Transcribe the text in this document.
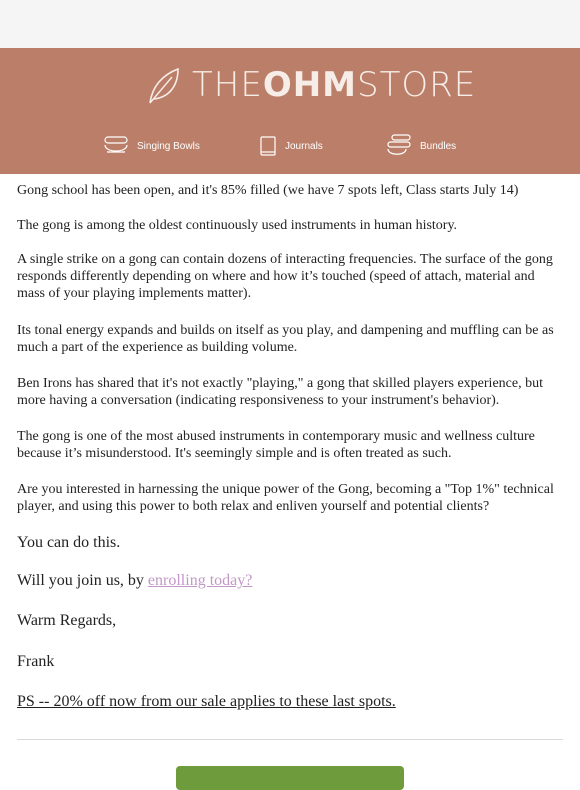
THEOHMSTORE
Singing Bowls	Journals	Bundles

Gong school has been open, and it's 85% filled (we have 7 spots left, Class starts July 14)

The gong is among the oldest continuously used instruments in human history.

A single strike on a gong can contain dozens of interacting frequencies. The surface of the gong responds differently depending on where and how it’s touched (speed of attach, material and mass of your playing implements matter).

Its tonal energy expands and builds on itself as you play, and dampening and muffling can be as much a part of the experience as building volume.

Ben Irons has shared that it's not exactly "playing," a gong that skilled players experience, but more having a conversation (indicating responsiveness to your instrument's behavior).

The gong is one of the most abused instruments in contemporary music and wellness culture because it’s misunderstood. It's seemingly simple and is often treated as such.

Are you interested in harnessing the unique power of the Gong, becoming a "Top 1%" technical player, and using this power to both relax and enliven yourself and potential clients?

You can do this.

Will you join us, by enrolling today?

Warm Regards,

Frank

PS -- 20% off now from our sale applies to these last spots.
